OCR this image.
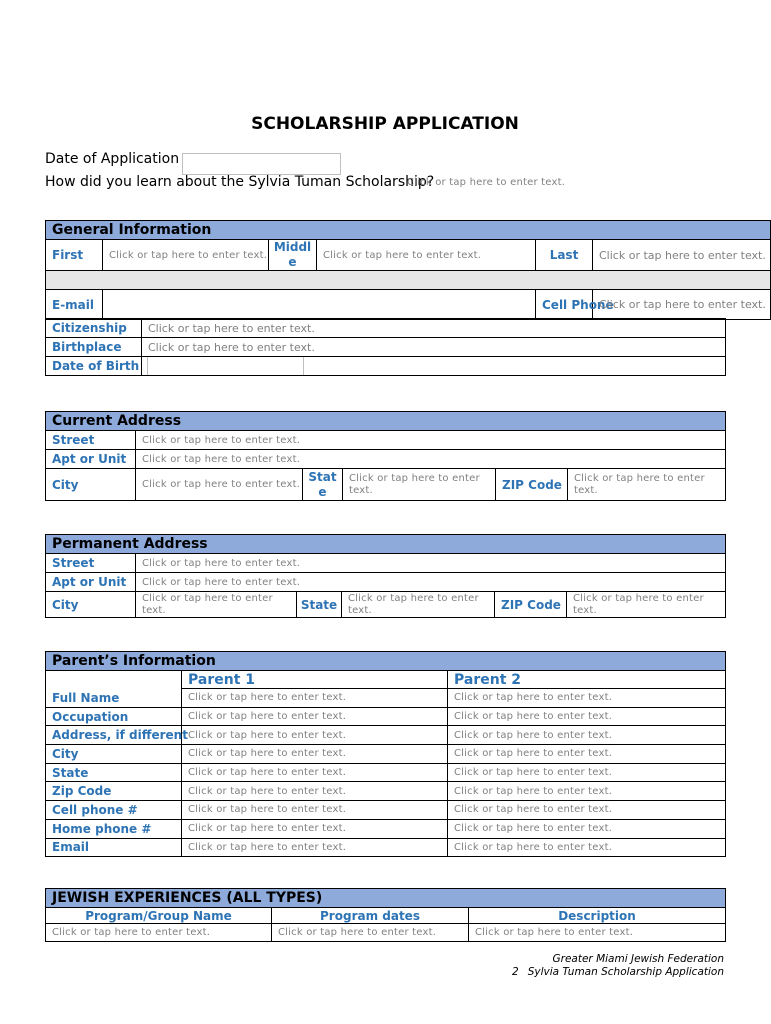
SCHOLARSHIP APPLICATION
Date of Application
How did you learn about the Sylvia Tuman Scholarship?
Click or tap here to enter text.
General Information					
First	Click or tap here to enter text.	Middle	Click or tap here to enter text.	Last	Click or tap here to enter text.

E-mail				Cell Phone	Click or tap here to enter text.
Citizenship	Click or tap here to enter text.
Birthplace	Click or tap here to enter text.
Date of Birth	
Current Address					
Street	Click or tap here to enter text.				
Apt or Unit	Click or tap here to enter text.				
City	Click or tap here to enter text.	State	Click or tap here to enter text.	ZIP Code	Click or tap here to enter text.
Permanent Address					
Street	Click or tap here to enter text.				
Apt or Unit	Click or tap here to enter text.				
City	Click or tap here to enter text.	State	Click or tap here to enter text.	ZIP Code	Click or tap here to enter text.
Parent’s Information		
	Parent 1	Parent 2
Full Name	Click or tap here to enter text.	Click or tap here to enter text.
Occupation	Click or tap here to enter text.	Click or tap here to enter text.
Address, if different	Click or tap here to enter text.	Click or tap here to enter text.
City	Click or tap here to enter text.	Click or tap here to enter text.
State	Click or tap here to enter text.	Click or tap here to enter text.
Zip Code	Click or tap here to enter text.	Click or tap here to enter text.
Cell phone #	Click or tap here to enter text.	Click or tap here to enter text.
Home phone #	Click or tap here to enter text.	Click or tap here to enter text.
Email	Click or tap here to enter text.	Click or tap here to enter text.
JEWISH EXPERIENCES (ALL TYPES)		
Program/Group Name	Program dates	Description
Click or tap here to enter text.	Click or tap here to enter text.	Click or tap here to enter text.
Greater Miami Jewish Federation
2 Sylvia Tuman Scholarship Application
